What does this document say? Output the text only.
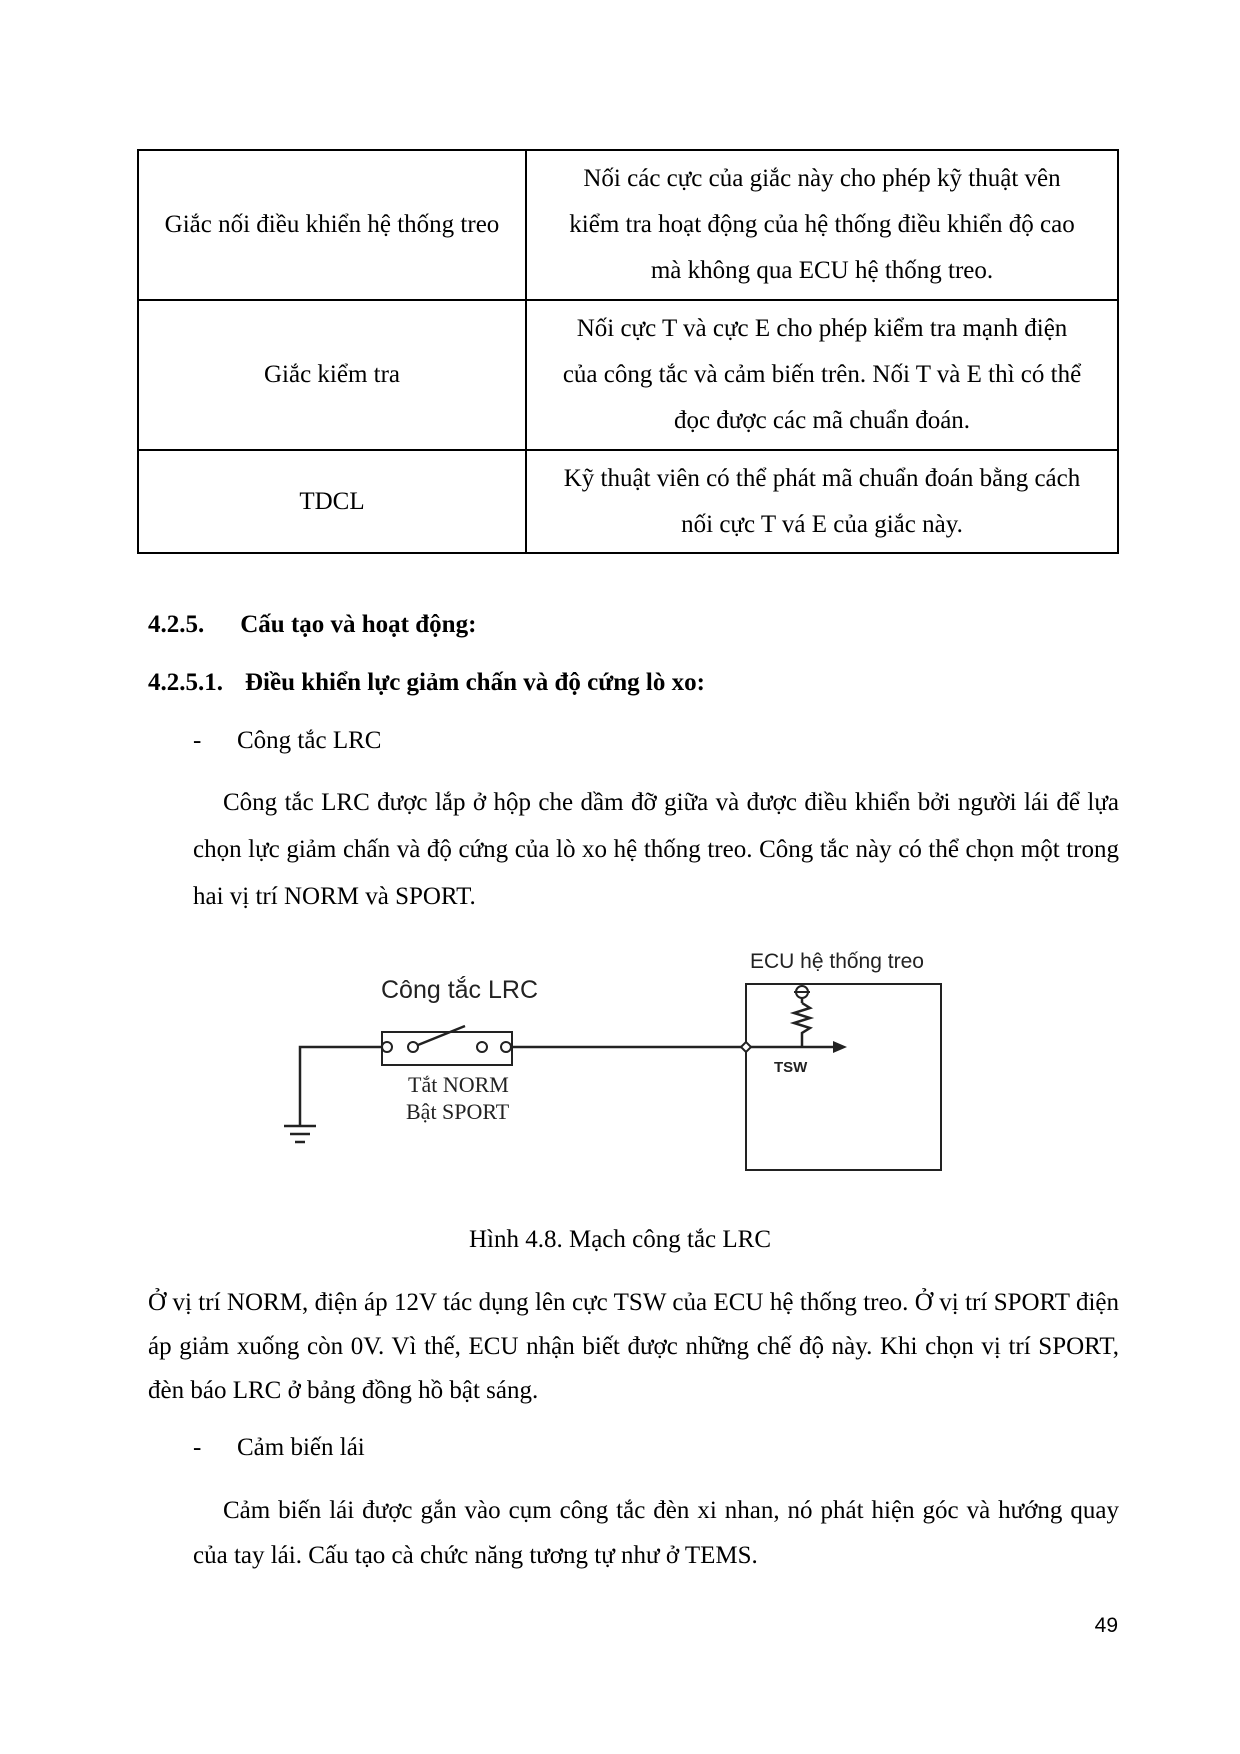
Giắc nối điều khiển hệ thống treo	Nối các cực của giắc này cho phép kỹ thuật vên
kiểm tra hoạt động của hệ thống điều khiển độ cao
mà không qua ECU hệ thống treo.

Giắc kiểm tra	Nối cực T và cực E cho phép kiểm tra mạnh điện
của công tắc và cảm biến trên. Nối T và E thì có thể
đọc được các mã chuẩn đoán.

TDCL	Kỹ thuật viên có thể phát mã chuẩn đoán bằng cách
nối cực T vá E của giắc này.
4.2.5. Cấu tạo và hoạt động:
4.2.5.1. Điều khiển lực giảm chấn và độ cứng lò xo:
- Công tắc LRC
Công tắc LRC được lắp ở hộp che dầm đỡ giữa và được điều khiển bởi người lái để lựa chọn lực giảm chấn và độ cứng của lò xo hệ thống treo. Công tắc này có thể chọn một trong hai vị trí NORM và SPORT.
Công tắc LRC
ECU hệ thống treo
TSW
Tắt NORM
Bật SPORT
Hình 4.8. Mạch công tắc LRC
Ở vị trí NORM, điện áp 12V tác dụng lên cực TSW của ECU hệ thống treo. Ở vị trí SPORT điện áp giảm xuống còn 0V. Vì thế, ECU nhận biết được những chế độ này. Khi chọn vị trí SPORT, đèn báo LRC ở bảng đồng hồ bật sáng.
- Cảm biến lái
Cảm biến lái được gắn vào cụm công tắc đèn xi nhan, nó phát hiện góc và hướng quay của tay lái. Cấu tạo cà chức năng tương tự như ở TEMS.
49
